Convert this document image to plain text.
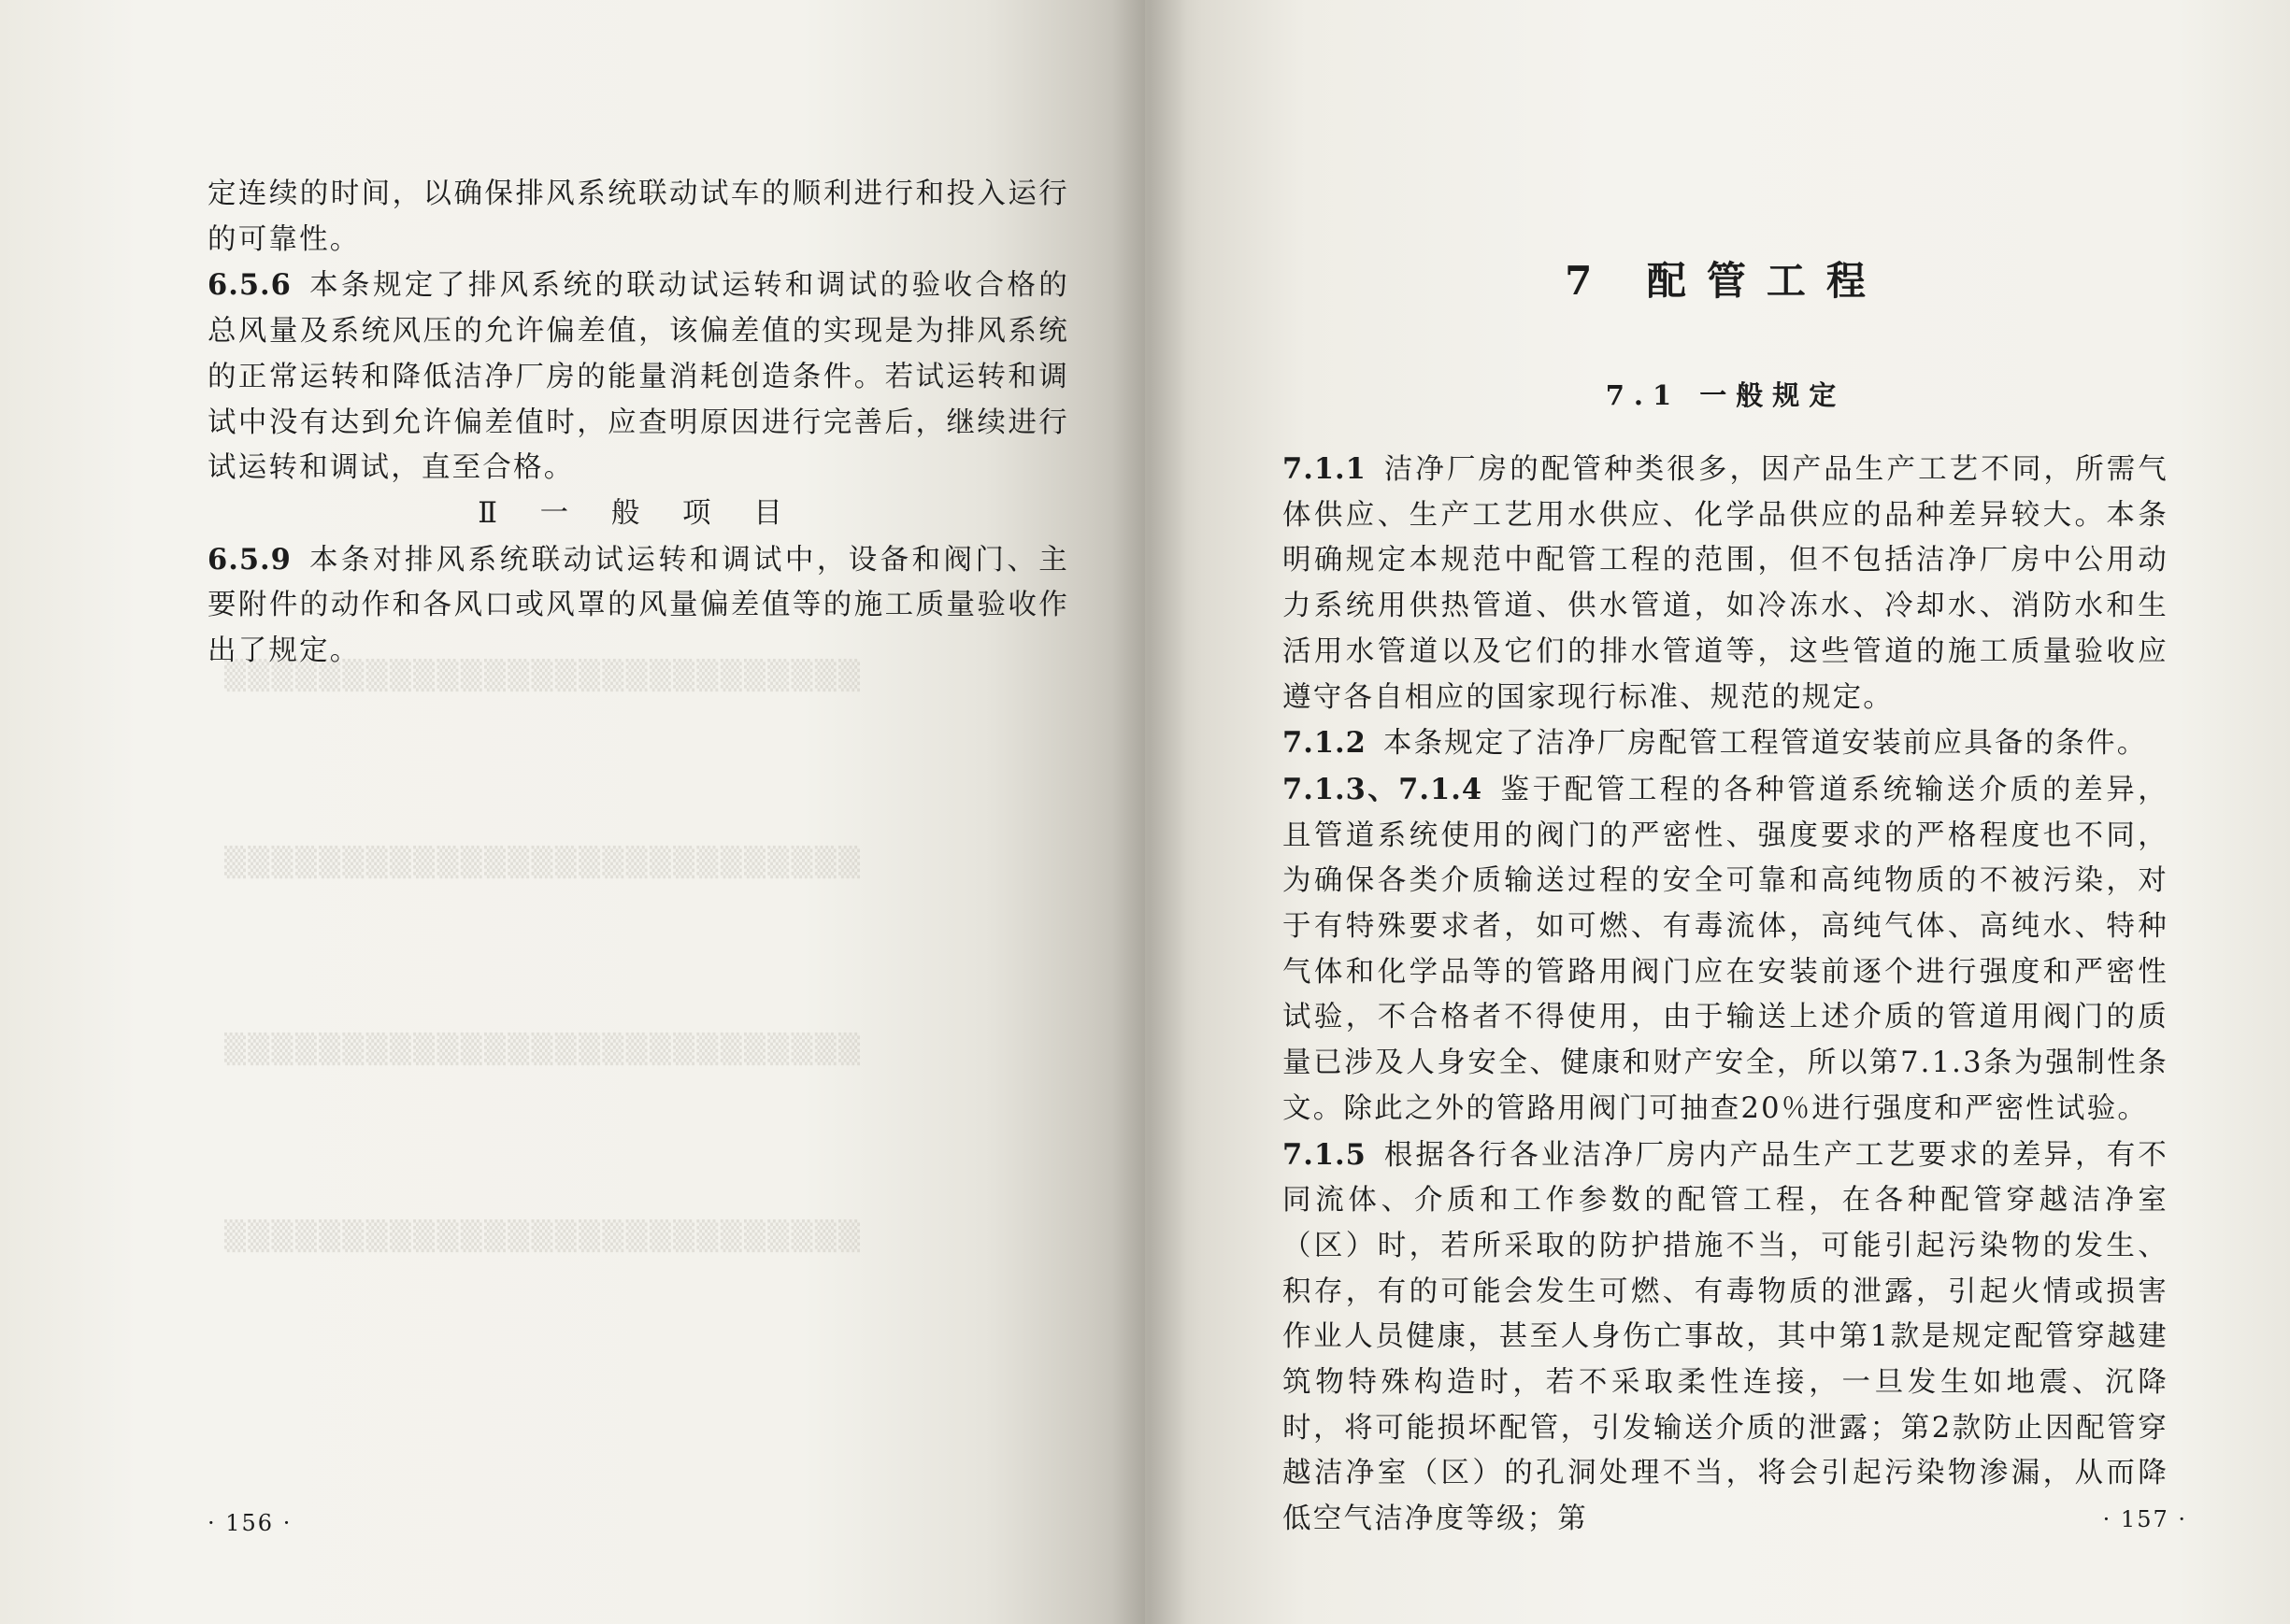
▒▒▒▒▒▒▒▒▒▒▒▒▒▒▒▒▒▒▒▒▒▒▒▒▒▒▒
▒▒▒▒▒▒▒▒▒▒▒▒▒▒▒▒▒▒▒▒▒▒▒▒▒▒▒
▒▒▒▒▒▒▒▒▒▒▒▒▒▒▒▒▒▒▒▒▒▒▒▒▒▒▒
▒▒▒▒▒▒▒▒▒▒▒▒▒▒▒▒▒▒▒▒▒▒▒▒▒▒▒

定连续的时间，以确保排风系统联动试车的顺利进行和投入运行的可靠性。

6.5.6 本条规定了排风系统的联动试运转和调试的验收合格的总风量及系统风压的允许偏差值，该偏差值的实现是为排风系统的正常运转和降低洁净厂房的能量消耗创造条件。若试运转和调试中没有达到允许偏差值时，应查明原因进行完善后，继续进行试运转和调试，直至合格。

Ⅱ 一 般 项 目

6.5.9 本条对排风系统联动试运转和调试中，设备和阀门、主要附件的动作和各风口或风罩的风量偏差值等的施工质量验收作出了规定。

· 156 ·
7 配管工程
7.1 一般规定

7.1.1 洁净厂房的配管种类很多，因产品生产工艺不同，所需气体供应、生产工艺用水供应、化学品供应的品种差异较大。本条明确规定本规范中配管工程的范围，但不包括洁净厂房中公用动力系统用供热管道、供水管道，如冷冻水、冷却水、消防水和生活用水管道以及它们的排水管道等，这些管道的施工质量验收应遵守各自相应的国家现行标准、规范的规定。

7.1.2 本条规定了洁净厂房配管工程管道安装前应具备的条件。

7.1.3、7.1.4 鉴于配管工程的各种管道系统输送介质的差异，且管道系统使用的阀门的严密性、强度要求的严格程度也不同，为确保各类介质输送过程的安全可靠和高纯物质的不被污染，对于有特殊要求者，如可燃、有毒流体，高纯气体、高纯水、特种气体和化学品等的管路用阀门应在安装前逐个进行强度和严密性试验，不合格者不得使用，由于输送上述介质的管道用阀门的质量已涉及人身安全、健康和财产安全，所以第7.1.3条为强制性条文。除此之外的管路用阀门可抽查20％进行强度和严密性试验。

7.1.5 根据各行各业洁净厂房内产品生产工艺要求的差异，有不同流体、介质和工作参数的配管工程，在各种配管穿越洁净室（区）时，若所采取的防护措施不当，可能引起污染物的发生、积存，有的可能会发生可燃、有毒物质的泄露，引起火情或损害作业人员健康，甚至人身伤亡事故，其中第1款是规定配管穿越建筑物特殊构造时，若不采取柔性连接，一旦发生如地震、沉降时，将可能损坏配管，引发输送介质的泄露；第2款防止因配管穿越洁净室（区）的孔洞处理不当，将会引起污染物渗漏，从而降低空气洁净度等级；第	· 157 ·
